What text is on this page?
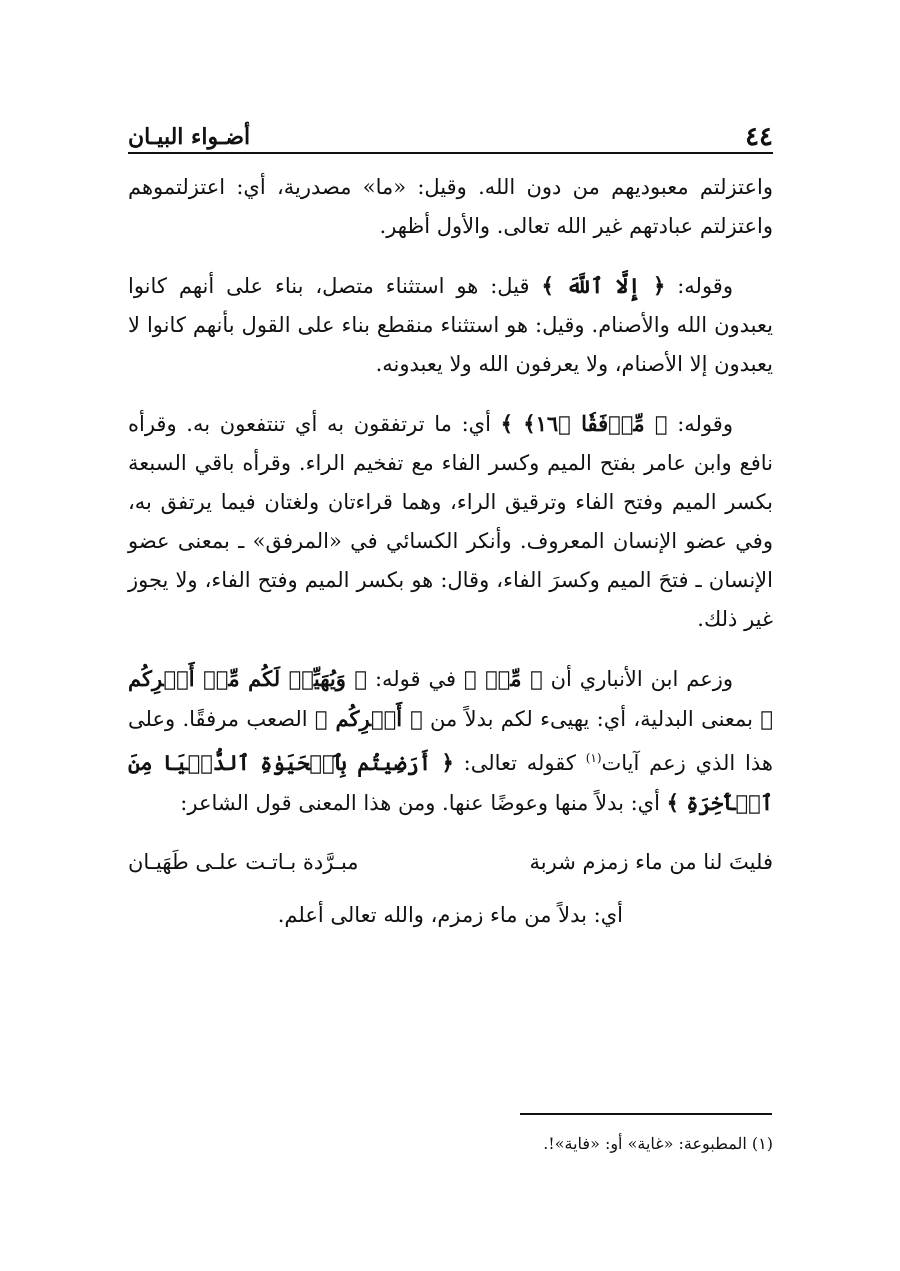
٤٤
أضـواء البيـان

واعتزلتم معبوديهم من دون الله. وقيل: «ما» مصدرية، أي: اعتزلتموهم واعتزلتم عبادتهم غير الله تعالى. والأول أظهر.

وقوله: ﴿ إِلَّا ٱللَّهَ ﴾ قيل: هو استثناء متصل، بناء على أنهم كانوا يعبدون الله والأصنام. وقيل: هو استثناء منقطع بناء على القول بأنهم كانوا لا يعبدون إلا الأصنام، ولا يعرفون الله ولا يعبدونه.

وقوله: ﴿ مِّرۡفَقٗا ﴿١٦﴾ ﴾ أي: ما ترتفقون به أي تنتفعون به. وقرأه نافع وابن عامر بفتح الميم وكسر الفاء مع تفخيم الراء. وقرأه باقي السبعة بكسر الميم وفتح الفاء وترقيق الراء، وهما قراءتان ولغتان فيما يرتفق به، وفي عضو الإنسان المعروف. وأنكر الكسائي في «المرفق» ـ بمعنى عضو الإنسان ـ فتحَ الميم وكسرَ الفاء، وقال: هو بكسر الميم وفتح الفاء، ولا يجوز غير ذلك.

وزعم ابن الأنباري أن ﴿ مِّنۡ ﴾ في قوله: ﴿ وَيُهَيِّئۡ لَكُم مِّنۡ أَمۡرِكُم ﴾ بمعنى البدلية، أي: يهيىء لكم بدلاً من ﴿ أَمۡرِكُم ﴾ الصعب مرفقًا. وعلى هذا الذي زعم آيات$^{(١)}$ كقوله تعالى: ﴿ أَرَضِيتُم بِٱلۡحَيَوٰةِ ٱلدُّنۡيَا مِنَ ٱلۡأٓخِرَةِ ﴾ أي: بدلاً منها وعوضًا عنها. ومن هذا المعنى قول الشاعر:

فليتَ لنا من ماء زمزم شربة
مبـرَّدة بـاتـت علـى طَهَيـان

أي: بدلاً من ماء زمزم، والله تعالى أعلم.

(١) المطبوعة: «غاية» أو: «فاية»!.
